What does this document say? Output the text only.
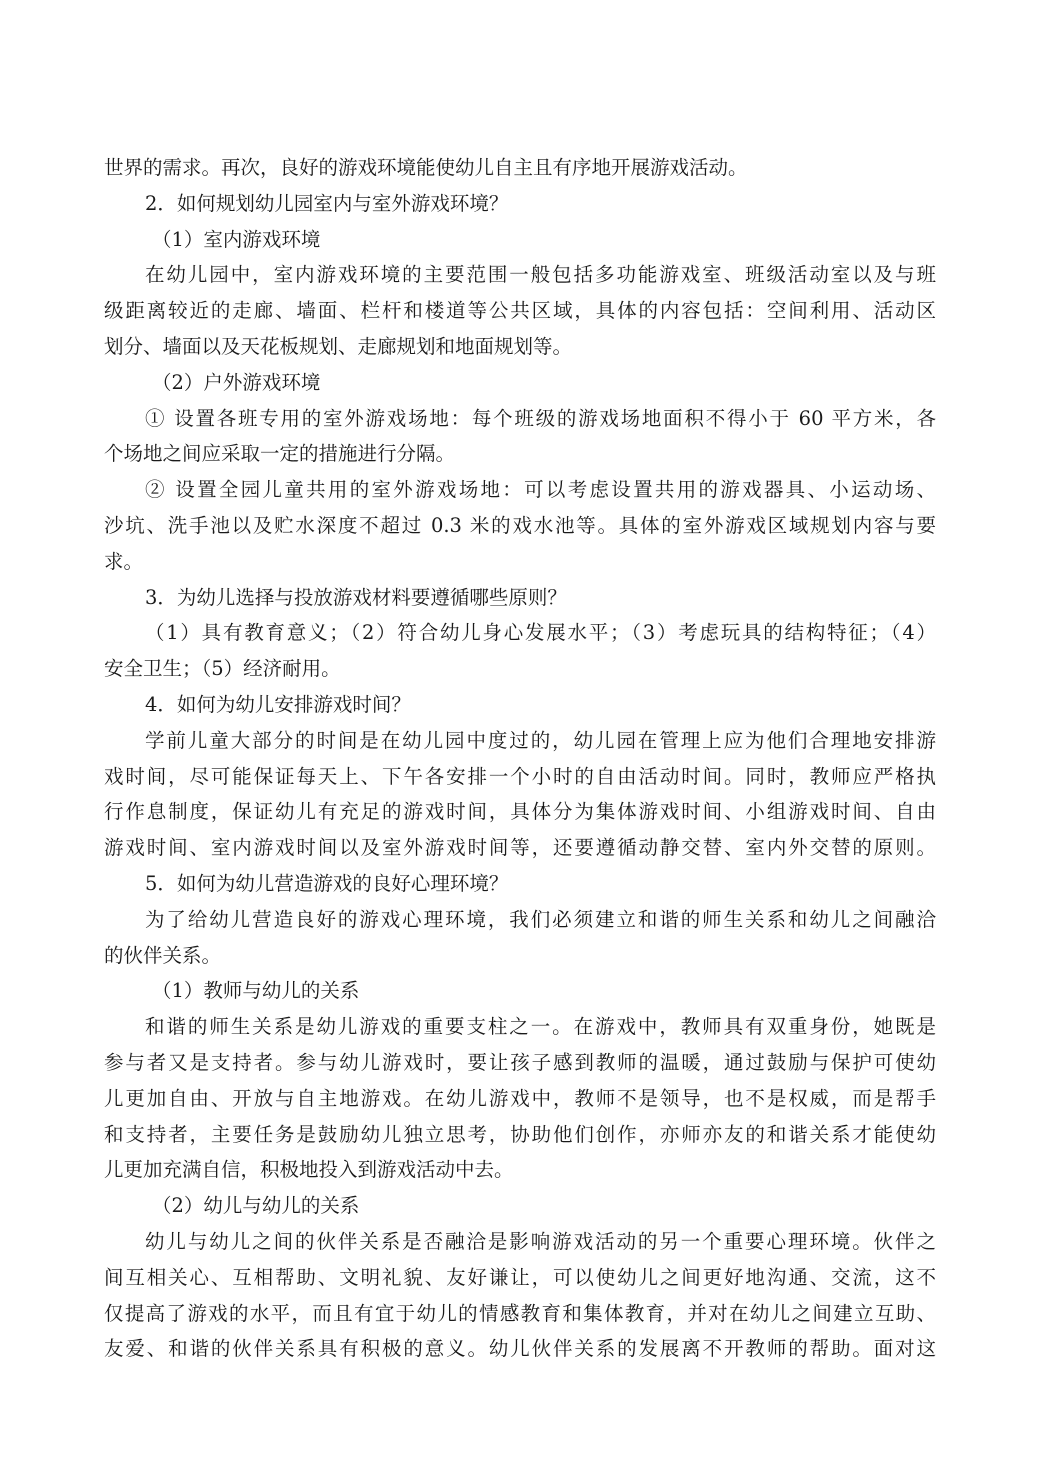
世界的需求。再次，良好的游戏环境能使幼儿自主且有序地开展游戏活动。
2．如何规划幼儿园室内与室外游戏环境？
（1）室内游戏环境
在幼儿园中，室内游戏环境的主要范围一般包括多功能游戏室、班级活动室以及与班
级距离较近的走廊、墙面、栏杆和楼道等公共区域，具体的内容包括：空间利用、活动区
划分、墙面以及天花板规划、走廊规划和地面规划等。
（2）户外游戏环境
① 设置各班专用的室外游戏场地：每个班级的游戏场地面积不得小于 60 平方米，各
个场地之间应采取一定的措施进行分隔。
② 设置全园儿童共用的室外游戏场地：可以考虑设置共用的游戏器具、小运动场、
沙坑、洗手池以及贮水深度不超过 0.3 米的戏水池等。具体的室外游戏区域规划内容与要
求。
3．为幼儿选择与投放游戏材料要遵循哪些原则？
（1）具有教育意义；（2）符合幼儿身心发展水平；（3）考虑玩具的结构特征；（4）
安全卫生；（5）经济耐用。
4．如何为幼儿安排游戏时间？
学前儿童大部分的时间是在幼儿园中度过的，幼儿园在管理上应为他们合理地安排游
戏时间，尽可能保证每天上、下午各安排一个小时的自由活动时间。同时，教师应严格执
行作息制度，保证幼儿有充足的游戏时间，具体分为集体游戏时间、小组游戏时间、自由
游戏时间、室内游戏时间以及室外游戏时间等，还要遵循动静交替、室内外交替的原则。
5．如何为幼儿营造游戏的良好心理环境？
为了给幼儿营造良好的游戏心理环境，我们必须建立和谐的师生关系和幼儿之间融洽
的伙伴关系。
（1）教师与幼儿的关系
和谐的师生关系是幼儿游戏的重要支柱之一。在游戏中，教师具有双重身份，她既是
参与者又是支持者。参与幼儿游戏时，要让孩子感到教师的温暖，通过鼓励与保护可使幼
儿更加自由、开放与自主地游戏。在幼儿游戏中，教师不是领导，也不是权威，而是帮手
和支持者，主要任务是鼓励幼儿独立思考，协助他们创作，亦师亦友的和谐关系才能使幼
儿更加充满自信，积极地投入到游戏活动中去。
（2）幼儿与幼儿的关系
幼儿与幼儿之间的伙伴关系是否融洽是影响游戏活动的另一个重要心理环境。伙伴之
间互相关心、互相帮助、文明礼貌、友好谦让，可以使幼儿之间更好地沟通、交流，这不
仅提高了游戏的水平，而且有宜于幼儿的情感教育和集体教育，并对在幼儿之间建立互助、
友爱、和谐的伙伴关系具有积极的意义。幼儿伙伴关系的发展离不开教师的帮助。面对这
